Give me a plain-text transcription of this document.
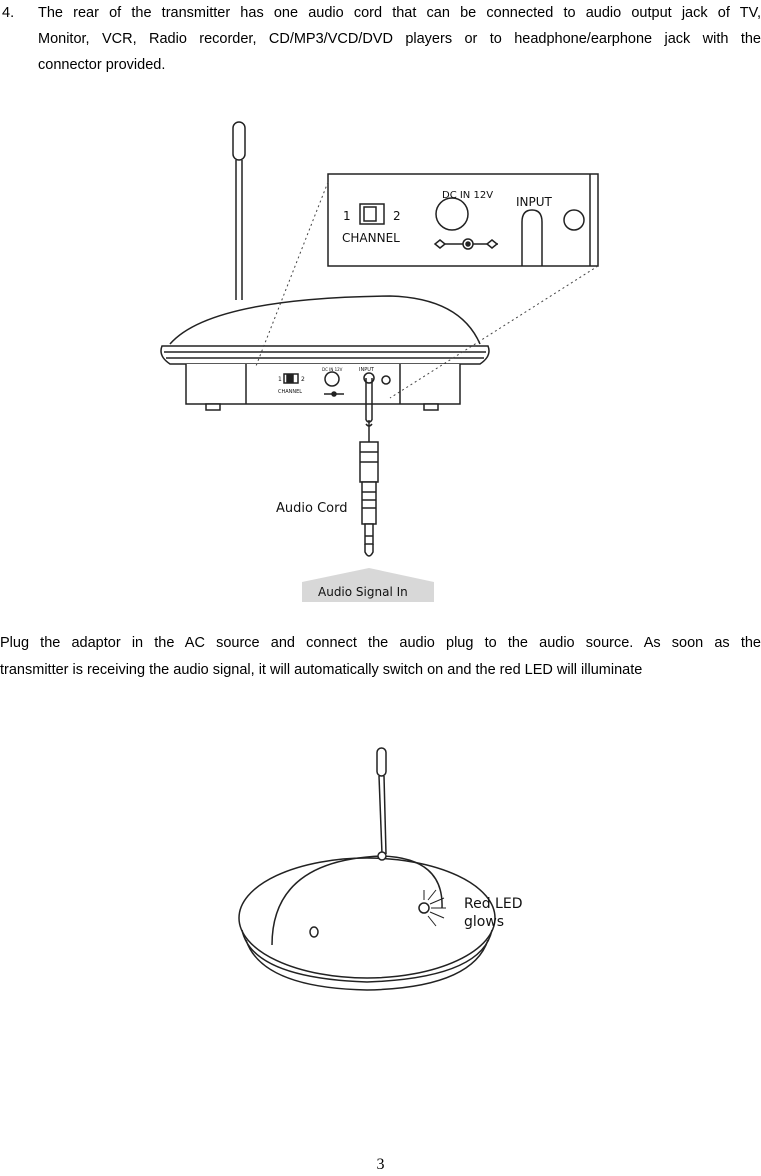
4. The rear of the transmitter has one audio cord that can be connected to audio output jack of TV,
Monitor, VCR, Radio recorder, CD/MP3/VCD/DVD players or to headphone/earphone jack with the
connector provided.
1	2
CHANNEL
DC IN 12V INPUT
1	2
CHANNEL
DC IN 12V	INPUT
Audio Cord
Audio Signal In
Plug the adaptor in the AC source and connect the audio plug to the audio source. As soon as the
transmitter is receiving the audio signal, it will automatically switch on and the red LED will illuminate
Red LED
glows
3
